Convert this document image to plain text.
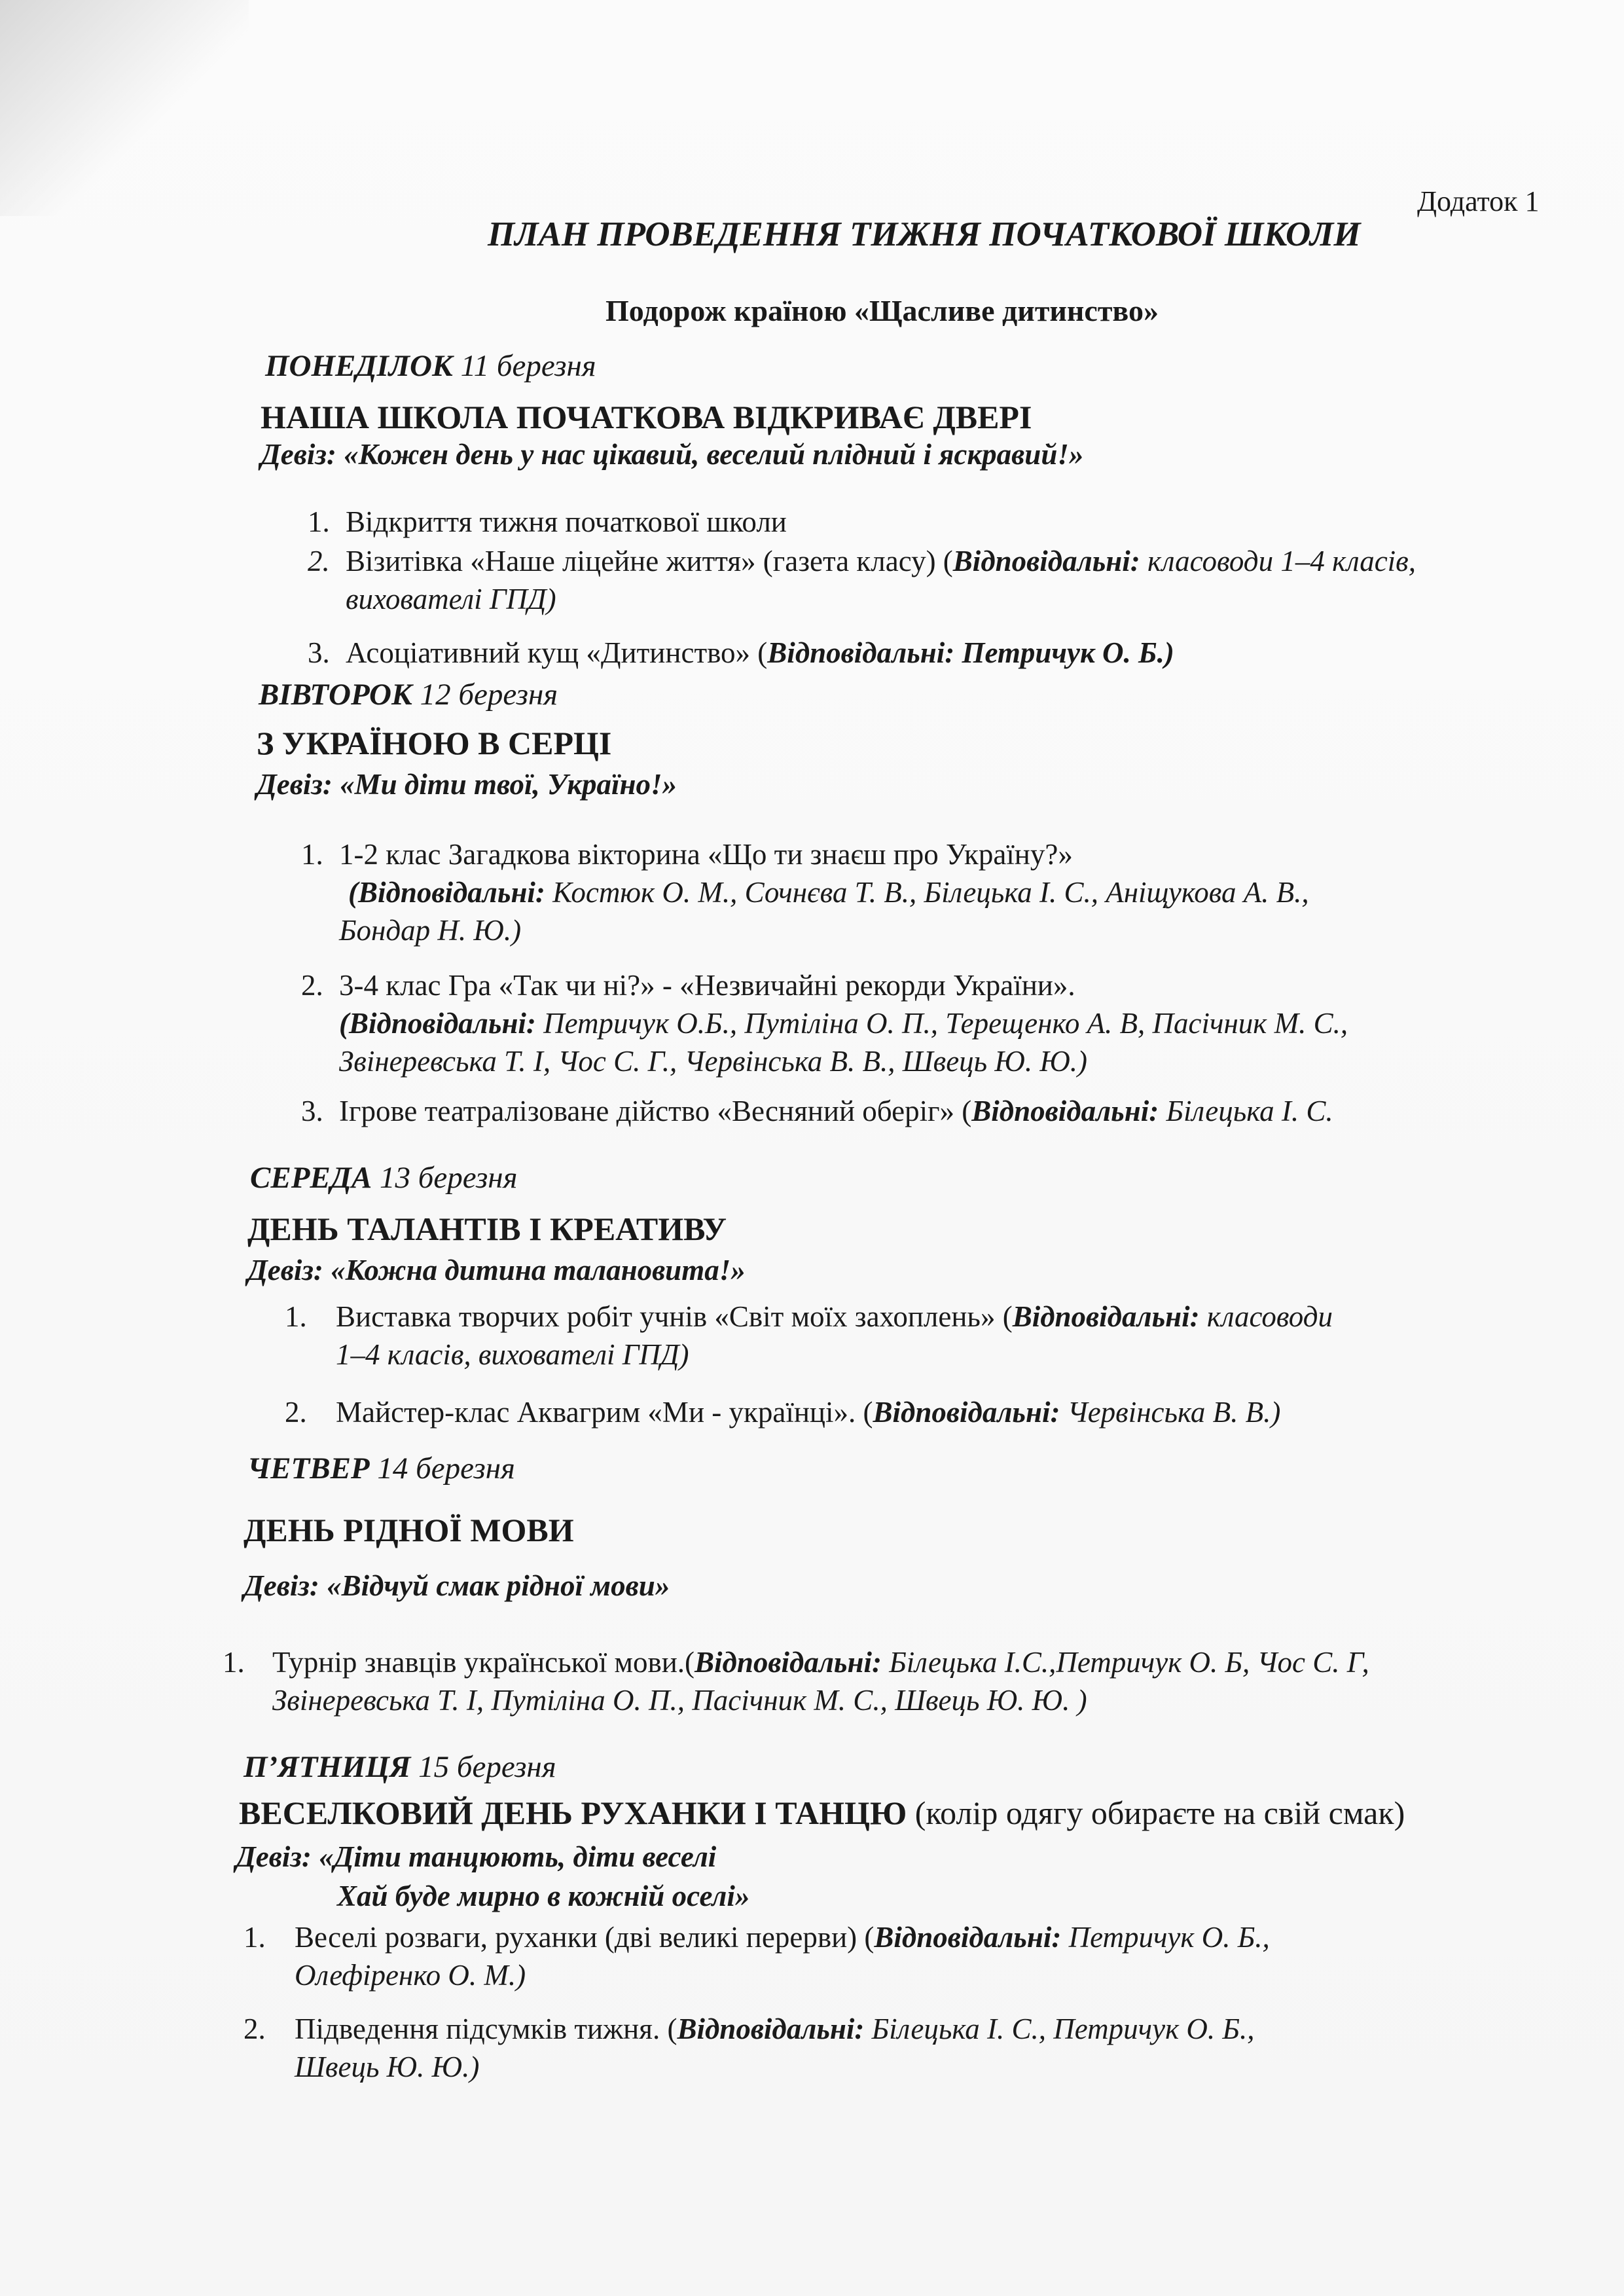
Додаток 1
ПЛАН ПРОВЕДЕННЯ ТИЖНЯ ПОЧАТКОВОЇ ШКОЛИ
Подорож країною «Щасливе дитинство»
ПОНЕДІЛОК 11 березня
НАША ШКОЛА ПОЧАТКОВА ВІДКРИВАЄ ДВЕРІ
Девіз: «Кожен день у нас цікавий, веселий плідний і яскравий!»
1. Відкриття тижня початкової школи
2. Візитівка «Наше ліцейне життя» (газета класу) (Відповідальні: класоводи 1–4 класів,
вихователі ГПД)
3. Асоціативний кущ «Дитинство» (Відповідальні: Петричук О. Б.)
ВІВТОРОК 12 березня
З УКРАЇНОЮ В СЕРЦІ
Девіз: «Ми діти твої, Україно!»
1. 1-2 клас Загадкова вікторина «Що ти знаєш про Україну?»
(Відповідальні: Костюк О. М., Сочнєва Т. В., Білецька І. С., Аніщукова А. В.,
Бондар Н. Ю.)
2. 3-4 клас Гра «Так чи ні?» - «Незвичайні рекорди України».
(Відповідальні: Петричук О.Б., Путіліна О. П., Терещенко А. В, Пасічник М. С.,
Звінеревська Т. І, Чос С. Г., Червінська В. В., Швець Ю. Ю.)
3. Ігрове театралізоване дійство «Весняний оберіг» (Відповідальні: Білецька І. С.
СЕРЕДА 13 березня
ДЕНЬ ТАЛАНТІВ І КРЕАТИВУ
Девіз: «Кожна дитина талановита!»
1. Виставка творчих робіт учнів «Світ моїх захоплень» (Відповідальні: класоводи
1–4 класів, вихователі ГПД)
2. Майстер-клас Аквагрим «Ми - українці». (Відповідальні: Червінська В. В.)
ЧЕТВЕР 14 березня
ДЕНЬ РІДНОЇ МОВИ
Девіз: «Відчуй смак рідної мови»
1. Турнір знавців української мови.(Відповідальні: Білецька І.С.,Петричук О. Б, Чос С. Г,
Звінеревська Т. І, Путіліна О. П., Пасічник М. С., Швець Ю. Ю. )
П’ЯТНИЦЯ 15 березня
ВЕСЕЛКОВИЙ ДЕНЬ РУХАНКИ І ТАНЦЮ (колір одягу обираєте на свій смак)
Девіз: «Діти танцюють, діти веселі
Хай буде мирно в кожній оселі»
1. Веселі розваги, руханки (дві великі перерви) (Відповідальні: Петричук О. Б.,
Олефіренко О. М.)
2. Підведення підсумків тижня. (Відповідальні: Білецька І. С., Петричук О. Б.,
Швець Ю. Ю.)
